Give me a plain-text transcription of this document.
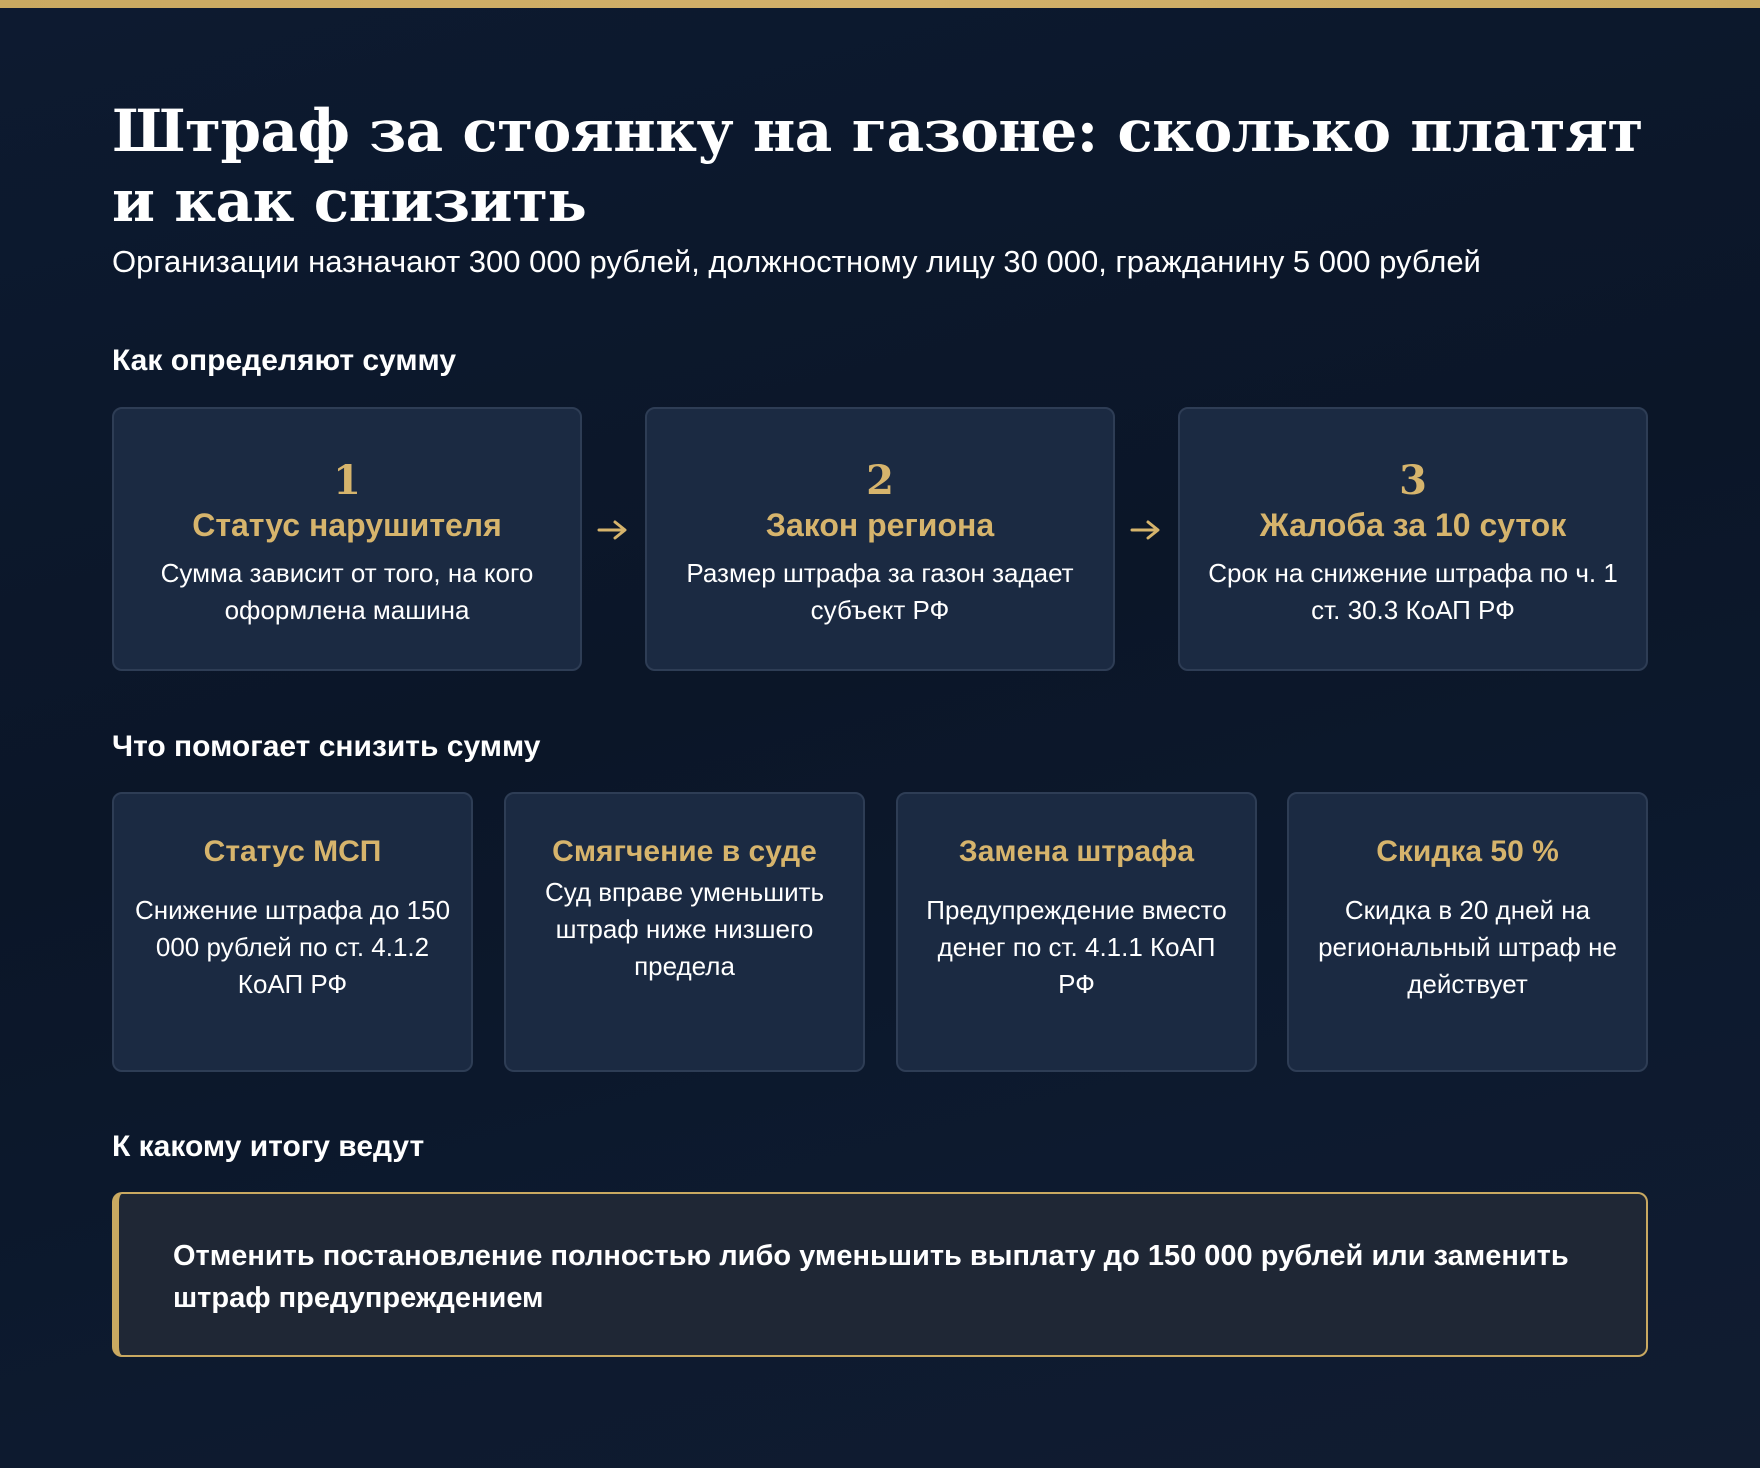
Штраф за стоянку на газоне: сколько платят и как снизить

Организации назначают 300 000 рублей, должностному лицу 30 000, гражданину 5 000 рублей

Как определяют сумму
1
Статус нарушителя
Сумма зависит от того, на кого оформлена машина
2
Закон региона
Размер штрафа за газон задает субъект РФ
3
Жалоба за 10 суток
Срок на снижение штрафа по ч. 1 ст. 30.3 КоАП РФ
Что помогает снизить сумму
Статус МСП
Снижение штрафа до 150 000 рублей по ст. 4.1.2 КоАП РФ
Смягчение в суде
Суд вправе уменьшить штраф ниже низшего предела
Замена штрафа
Предупреждение вместо денег по ст. 4.1.1 КоАП РФ
Скидка 50 %
Скидка в 20 дней на региональный штраф не действует
К какому итогу ведут
Отменить постановление полностью либо уменьшить выплату до 150 000 рублей или заменить штраф предупреждением
